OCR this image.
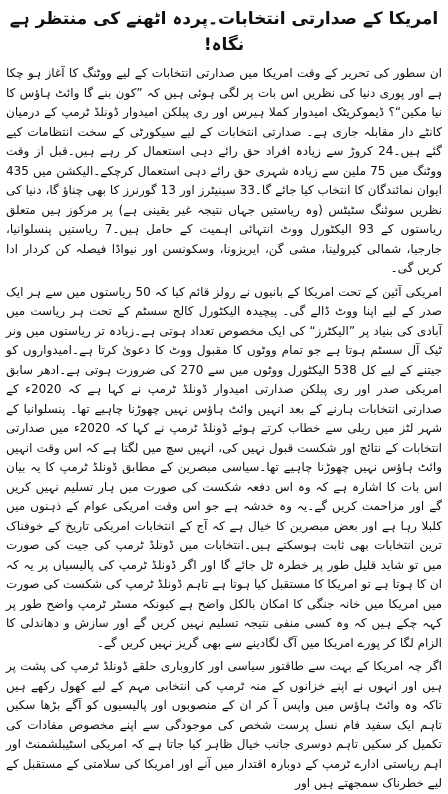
امریکا کے صدارتی انتخابات۔پردہ اٹھنے کی منتظر ہے نگاہ!

ان سطور کی تحریر کے وقت امریکا میں صدارتی انتخابات کے لیے ووٹنگ کا آغاز ہو چکا ہے اور پوری دنیا کی نظریں اس بات پر لگی ہوئی ہیں کہ ”کون بنے گا وائٹ ہاؤس کا نیا مکین“؟ ڈیموکریٹک امیدوار کملا ہیرس اور ری پبلکن امیدوار ڈونلڈ ٹرمپ کے درمیان کانٹے دار مقابلہ جاری ہے۔ صدارتی انتخابات کے لیے سیکورٹی کے سخت انتظامات کیے گئے ہیں۔24 کروڑ سے زیادہ افراد حق رائے دہی استعمال کر رہے ہیں۔قبل از وقت ووٹنگ میں 75 ملین سے زیادہ شہری حق رائے دہی استعمال کرچکے۔الیکشن میں 435 ایوان نمائندگان کا انتخاب کیا جائے گا۔33 سینیٹرز اور 13 گورنرز کا بھی چناؤ گا، دنیا کی نظریں سوئنگ سٹیٹس (وہ ریاستیں جہاں نتیجہ غیر یقینی ہے) پر مرکوز ہیں متعلق ریاستوں کے 93 الیکٹورل ووٹ انتہائی اہمیت کے حامل ہیں۔7 ریاستیں پنسلوانیا، جارجیا، شمالی کیرولینا، مشی گن، ایریزونا، وسکونسن اور نیواڈا فیصلہ کن کردار ادا کریں گی۔

امریکی آئین کے تحت امریکا کے بانیوں نے رولز قائم کیا کہ 50 ریاستوں میں سے ہر ایک صدر کے لیے اپنا ووٹ ڈالے گی۔ پیچیدہ الیکٹورل کالج سسٹم کے تحت ہر ریاست میں آبادی کی بنیاد پر ”الیکٹرز“ کی ایک مخصوص تعداد ہوتی ہے۔زیادہ تر ریاستوں میں ونر ٹیک آل سسٹم ہوتا ہے جو تمام ووٹوں کا مقبول ووٹ کا دعویٰ کرتا ہے۔امیدواروں کو جیتنے کے لیے کل 538 الیکٹورل ووٹوں میں سے 270 کی ضرورت ہوتی ہے۔ادھر سابق امریکی صدر اور ری پبلکن صدارتی امیدوار ڈونلڈ ٹرمپ نے کہا ہے کہ 2020ء کے صدارتی انتخابات ہارنے کے بعد انہیں وائٹ ہاؤس نہیں چھوڑنا چاہیے تھا۔ پنسلوانیا کے شہر لٹز میں ریلی سے خطاب کرتے ہوئے ڈونلڈ ٹرمپ نے کہا کہ 2020ء میں صدارتی انتخابات کے نتائج اور شکست قبول نہیں کی، انہیں سچ میں لگتا ہے کہ اس وقت انہیں وائٹ ہاؤس نہیں چھوڑنا چاہیے تھا۔سیاسی مبصرین کے مطابق ڈونلڈ ٹرمپ کا یہ بیان اس بات کا اشارہ ہے کہ وہ اس دفعہ شکست کی صورت میں ہار تسلیم نہیں کریں گے اور مزاحمت کریں گے۔یہ وہ خدشہ ہے جو اس وقت امریکی عوام کے ذہنوں میں کلبلا رہا ہے اور بعض مبصرین کا خیال ہے کہ آج کے انتخابات امریکی تاریخ کے خوفناک ترین انتخابات بھی ثابت ہوسکتے ہیں۔انتخابات میں ڈونلڈ ٹرمپ کی جیت کی صورت میں تو شاید قلیل طور پر خطرہ ٹل جائے گا اور اگر ڈونلڈ ٹرمپ کی پالیسیاں پر یہ کہ ان کا ہوتا ہے تو امریکا کا مستقبل کیا ہوتا ہے تاہم ڈونلڈ ٹرمپ کی شکست کی صورت میں امریکا میں خانہ جنگی کا امکان بالکل واضح ہے کیونکہ مسٹر ٹرمپ واضح طور پر کہہ چکے ہیں کہ وہ کسی منفی نتیجہ تسلیم نہیں کریں گے اور سازش و دھاندلی کا الزام لگا کر پورے امریکا میں آگ لگادینے سے بھی گریز نہیں کریں گے۔

اگر چہ امریکا کے بہت سے طاقتور سیاسی اور کاروباری حلقے ڈونلڈ ٹرمپ کی پشت پر ہیں اور انہوں نے اپنے خزانوں کے منہ ٹرمپ کی انتخابی مہم کے لیے کھول رکھے ہیں تاکہ وہ وائٹ ہاؤس میں واپس آ کر ان کے منصوبوں اور پالیسیوں کو آگے بڑھا سکیں تاہم ایک سفید فام نسل پرست شخص کی موجودگی سے اپنے مخصوص مفادات کی تکمیل کر سکیں تاہم دوسری جانب خیال ظاہر کیا جاتا ہے کہ امریکی اسٹیبلشمنٹ اور اہم ریاستی ادارے ٹرمپ کے دوبارہ اقتدار میں آنے اور امریکا کی سلامتی کے مستقبل کے لیے خطرناک سمجھتے ہیں اور
